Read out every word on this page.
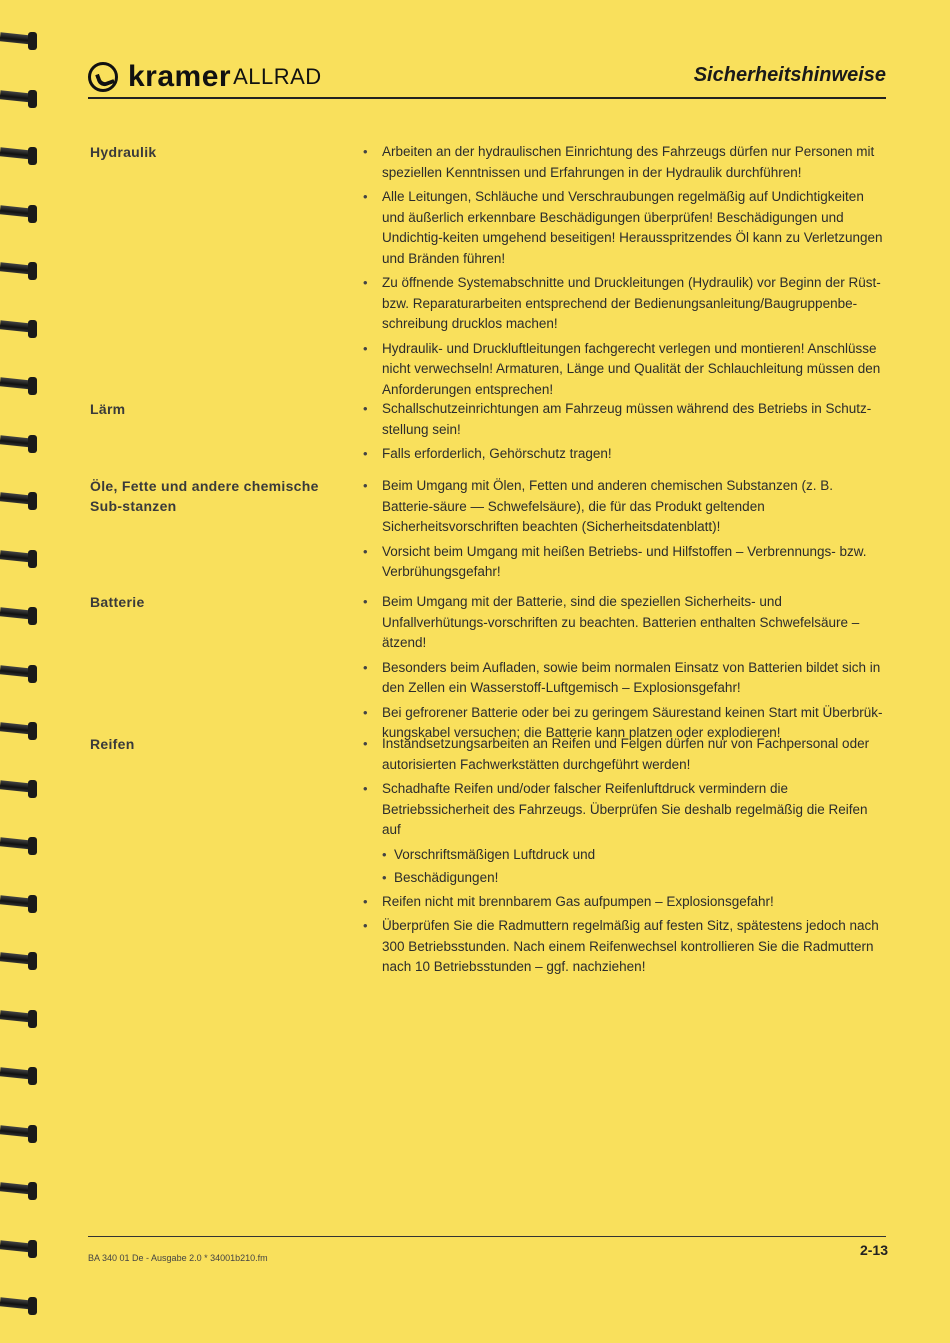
kramer ALLRAD	Sicherheitshinweise
Hydraulik	• Arbeiten an der hydraulischen Einrichtung des Fahrzeugs dürfen nur Personen mit speziellen Kenntnissen und Erfahrungen in der Hydraulik durchführen!
• Alle Leitungen, Schläuche und Verschraubungen regelmäßig auf Undichtigkeiten und äußerlich erkennbare Beschädigungen überprüfen! Beschädigungen und Undichtig-keiten umgehend beseitigen! Herausspritzendes Öl kann zu Verletzungen und Bränden führen!
• Zu öffnende Systemabschnitte und Druckleitungen (Hydraulik) vor Beginn der Rüst- bzw. Reparaturarbeiten entsprechend der Bedienungsanleitung/Baugruppenbe-schreibung drucklos machen!
• Hydraulik- und Druckluftleitungen fachgerecht verlegen und montieren! Anschlüsse nicht verwechseln! Armaturen, Länge und Qualität der Schlauchleitung müssen den Anforderungen entsprechen!
Lärm	• Schallschutzeinrichtungen am Fahrzeug müssen während des Betriebs in Schutz-stellung sein!
• Falls erforderlich, Gehörschutz tragen!
Öle, Fette und andere chemische Sub-stanzen
• Beim Umgang mit Ölen, Fetten und anderen chemischen Substanzen (z. B. Batterie-säure — Schwefelsäure), die für das Produkt geltenden Sicherheitsvorschriften beachten (Sicherheitsdatenblatt)!
• Vorsicht beim Umgang mit heißen Betriebs- und Hilfstoffen – Verbrennungs- bzw. Verbrühungsgefahr!
Batterie	• Beim Umgang mit der Batterie, sind die speziellen Sicherheits- und Unfallverhütungs-vorschriften zu beachten. Batterien enthalten Schwefelsäure – ätzend!
• Besonders beim Aufladen, sowie beim normalen Einsatz von Batterien bildet sich in den Zellen ein Wasserstoff-Luftgemisch – Explosionsgefahr!
• Bei gefrorener Batterie oder bei zu geringem Säurestand keinen Start mit Überbrük-kungskabel versuchen; die Batterie kann platzen oder explodieren!
Reifen	• Instandsetzungsarbeiten an Reifen und Felgen dürfen nur von Fachpersonal oder autorisierten Fachwerkstätten durchgeführt werden!
• Schadhafte Reifen und/oder falscher Reifenluftdruck vermindern die Betriebssicherheit des Fahrzeugs. Überprüfen Sie deshalb regelmäßig die Reifen auf
• Vorschriftsmäßigen Luftdruck und
• Beschädigungen!
• Reifen nicht mit brennbarem Gas aufpumpen – Explosionsgefahr!
• Überprüfen Sie die Radmuttern regelmäßig auf festen Sitz, spätestens jedoch nach 300 Betriebsstunden. Nach einem Reifenwechsel kontrollieren Sie die Radmuttern nach 10 Betriebsstunden – ggf. nachziehen!
BA 340 01 De - Ausgabe 2.0 * 34001b210.fm	2-13
